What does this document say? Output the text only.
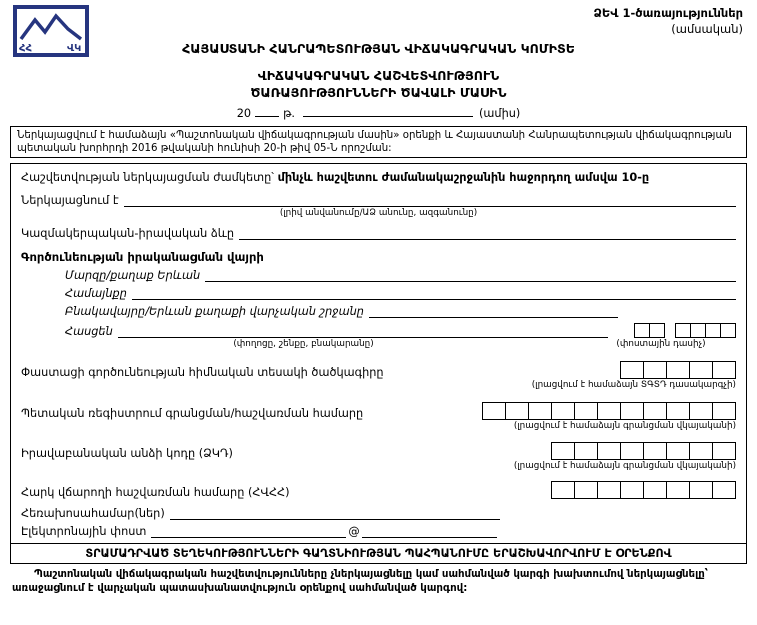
ՀՀ	ՎԿ
ՁԵՎ 1-ծառայություններ
(ամսական)
ՀԱՅԱՍՏԱՆԻ ՀԱՆՐԱՊԵՏՈՒԹՅԱՆ ՎԻՃԱԿԱԳՐԱԿԱՆ ԿՈՄԻՏԵ
ՎԻՃԱԿԱԳՐԱԿԱՆ ՀԱՇՎԵՏՎՈՒԹՅՈՒՆ
ԾԱՌԱՅՈՒԹՅՈՒՆՆԵՐԻ ԾԱՎԱԼԻ ՄԱՍԻՆ
20	թ.	(ամիս)
Ներկայացվում է համաձայն «Պաշտոնական վիճակագրության մասին» օրենքի և Հայաստանի Հանրապետության վիճակագրության պետական խորհրդի 2016 թվականի հունիսի 20-ի թիվ 05-Ն որոշման:
Հաշվետվության ներկայացման ժամկետը՝ մինչև հաշվետու ժամանակաշրջանին հաջորդող ամսվա 10-ը
Ներկայացնում է
(լրիվ անվանումը/ԱՁ անունը, ազգանունը)
Կազմակերպական-իրավական ձևը
Գործունեության իրականացման վայրի
Մարզը/քաղաք Երևան
Համայնքը
Բնակավայրը/Երևան քաղաքի վարչական շրջանը
Հասցեն
(փողոցը, շենքը, բնակարանը)	(փոստային դասիչ)
Փաստացի գործունեության հիմնական տեսակի ծածկագիրը
(լրացվում է համաձայն ՏԳՏԴ դասակարգչի)
Պետական ռեգիստրում գրանցման/հաշվառման համարը
(լրացվում է համաձայն գրանցման վկայականի)
Իրավաբանական անձի կոդը (ՁԿԴ)
(լրացվում է համաձայն գրանցման վկայականի)
Հարկ վճարողի հաշվառման համարը (ՀՎՀՀ)
Հեռախոսահամար(ներ)
Էլեկտրոնային փոստ	@
ՏՐԱՄԱԴՐՎԱԾ ՏԵՂԵԿՈՒԹՅՈՒՆՆԵՐԻ ԳԱՂՏՆԻՈՒԹՅԱՆ ՊԱՀՊԱՆՈՒՄԸ ԵՐԱՇԽԱՎՈՐՎՈՒՄ Է ՕՐԵՆՔՈՎ
Պաշտոնական վիճակագրական հաշվետվությունները չներկայացնելը կամ սահմանված կարգի խախտումով ներկայացնելը՝ առաջացնում է վարչական պատասխանատվություն օրենքով սահմանված կարգով:
